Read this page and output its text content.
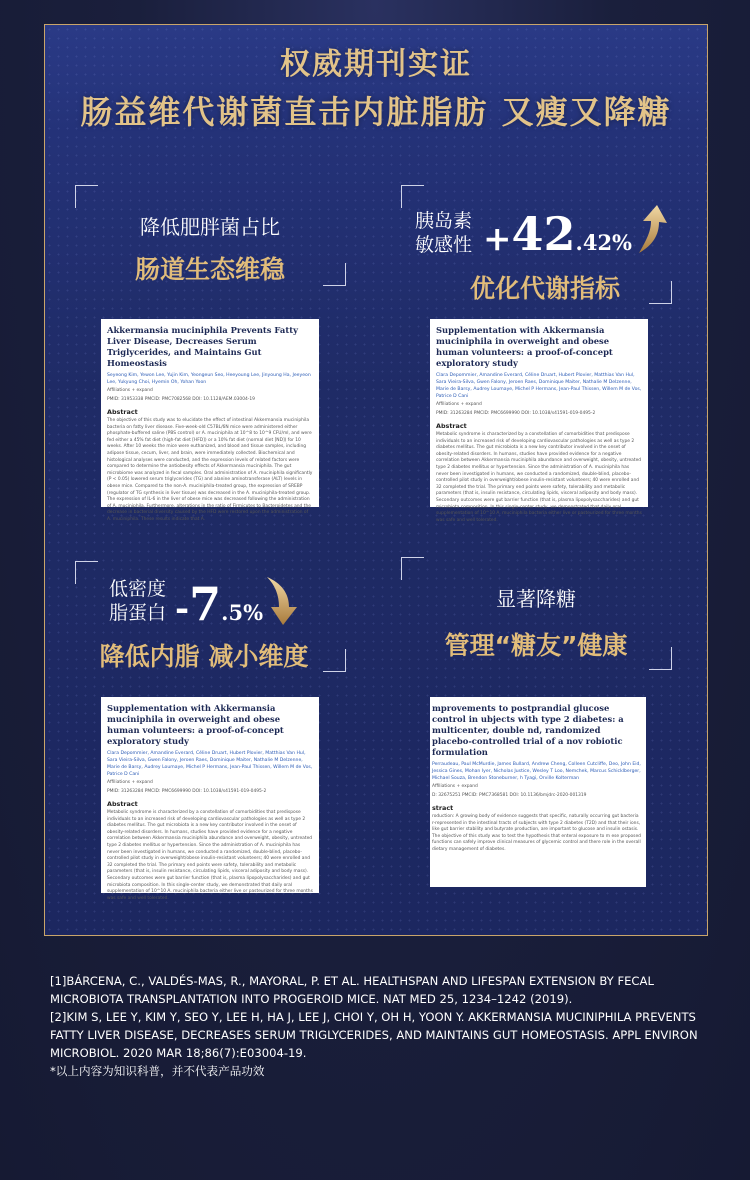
权威期刊实证
肠益维代谢菌直击内脏脂肪 又瘦又降糖
降低肥胖菌占比
肠道生态维稳
胰岛素
敏感性 +42.42%
优化代谢指标
Akkermansia muciniphila Prevents Fatty Liver Disease, Decreases Serum Triglycerides, and Maintains Gut Homeostasis
Seyeong Kim, Yewon Lee, Yujin Kim, Yeongeun Seo, Heeyoung Lee, Jinyoung Ha, Jeeyeon Lee, Yukyung Choi, Hyemin Oh, Yohan Yoon
Affiliations + expand
PMID: 31953338 PMCID: PMC7082568 DOI: 10.1128/AEM.03004-19
Abstract
The objective of this study was to elucidate the effect of intestinal Akkermansia muciniphila bacteria on fatty liver disease. Five-week-old C57BL/6N mice were administered either phosphate-buffered saline (PBS control) or A. muciniphila at 10^8 to 10^9 CFU/ml, and were fed either a 45% fat diet (high-fat diet [HFD]) or a 10% fat diet (normal diet [ND]) for 10 weeks. After 10 weeks the mice were euthanized, and blood and tissue samples, including adipose tissue, cecum, liver, and brain, were immediately collected. Biochemical and histological analyses were conducted, and the expression levels of related factors were compared to determine the antiobesity effects of Akkermansia muciniphila. The gut microbiome was analyzed in fecal samples. Oral administration of A. muciniphila significantly (P < 0.05) lowered serum triglycerides (TG) and alanine aminotransferase (ALT) levels in obese mice. Compared to the non-A. muciniphila-treated group, the expression of SREBP (regulator of TG synthesis in liver tissue) was decreased in the A. muciniphila-treated group. The expression of IL-6 in the liver of obese mice was decreased following the administration of A. muciniphila. Furthermore, alterations in the ratio of Firmicutes to Bacteroidetes and the decrease in bacterial diversity caused by the HFD were restored upon the administration of A. muciniphila. These results indicate that A.
Supplementation with Akkermansia muciniphila in overweight and obese human volunteers: a proof-of-concept exploratory study
Clara Depommier, Amandine Everard, Céline Druart, Hubert Plovier, Matthias Van Hul, Sara Vieira-Silva, Gwen Falony, Jeroen Raes, Dominique Maiter, Nathalie M Delzenne, Marie de Barsy, Audrey Loumaye, Michel P Hermans, Jean-Paul Thissen, Willem M de Vos, Patrice D Cani
Affiliations + expand
PMID: 31263284 PMCID: PMC6699990 DOI: 10.1038/s41591-019-0495-2
Abstract
Metabolic syndrome is characterized by a constellation of comorbidities that predispose individuals to an increased risk of developing cardiovascular pathologies as well as type 2 diabetes mellitus. The gut microbiota is a new key contributor involved in the onset of obesity-related disorders. In humans, studies have provided evidence for a negative correlation between Akkermansia muciniphila abundance and overweight, obesity, untreated type 2 diabetes mellitus or hypertension. Since the administration of A. muciniphila has never been investigated in humans, we conducted a randomized, double-blind, placebo-controlled pilot study in overweight/obese insulin-resistant volunteers; 40 were enrolled and 32 completed the trial. The primary end points were safety, tolerability and metabolic parameters (that is, insulin resistance, circulating lipids, visceral adiposity and body mass). Secondary outcomes were gut barrier function (that is, plasma lipopolysaccharides) and gut microbiota composition. In this single-center study, we demonstrated that daily oral supplementation of 10^10 A. muciniphila bacteria either live or pasteurized for three months was safe and well tolerated.
低密度
脂蛋白 -7.5%
降低内脂 减小维度
显著降糖
管理“糖友”健康
Supplementation with Akkermansia muciniphila in overweight and obese human volunteers: a proof-of-concept exploratory study
Clara Depommier, Amandine Everard, Céline Druart, Hubert Plovier, Matthias Van Hul, Sara Vieira-Silva, Gwen Falony, Jeroen Raes, Dominique Maiter, Nathalie M Delzenne, Marie de Barsy, Audrey Loumaye, Michel P Hermans, Jean-Paul Thissen, Willem M de Vos, Patrice D Cani
Affiliations + expand
PMID: 31263284 PMCID: PMC6699990 DOI: 10.1038/s41591-019-0495-2
Abstract
Metabolic syndrome is characterized by a constellation of comorbidities that predispose individuals to an increased risk of developing cardiovascular pathologies as well as type 2 diabetes mellitus. The gut microbiota is a new key contributor involved in the onset of obesity-related disorders. In humans, studies have provided evidence for a negative correlation between Akkermansia muciniphila abundance and overweight, obesity, untreated type 2 diabetes mellitus or hypertension. Since the administration of A. muciniphila has never been investigated in humans, we conducted a randomized, double-blind, placebo-controlled pilot study in overweight/obese insulin-resistant volunteers; 40 were enrolled and 32 completed the trial. The primary end points were safety, tolerability and metabolic parameters (that is, insulin resistance, circulating lipids, visceral adiposity and body mass). Secondary outcomes were gut barrier function (that is, plasma lipopolysaccharides) and gut microbiota composition. In this single-center study, we demonstrated that daily oral supplementation of 10^10 A. muciniphila bacteria either live or pasteurized for three months was safe and well tolerated.
mprovements to postprandial glucose control in ubjects with type 2 diabetes: a multicenter, double nd, randomized placebo-controlled trial of a nov robiotic formulation
Perraudeau, Paul McMurdie, James Bullard, Andrew Cheng, Colleen Cutcliffe, Deo, John Eid, Jessica Gines, Mohan Iyer, Nicholas Justice, Wesley T Loo, Nemchek, Marcus Schicklberger, Michael Souza, Brendon Stoneburner, h Tyagi, Orville Kolterman
Affiliations + expand
D: 32675251 PMCID: PMC7368581 DOI: 10.1136/bmjdrc-2020-001319
stract
roduction: A growing body of evidence suggests that specific, naturally occurring gut bacteria r-represented in the intestinal tracts of subjects with type 2 diabetes (T2D) and that their ions, like gut barrier stability and butyrate production, are important to glucose and insulin ostasis. The objective of this study was to test the hypothesis that enteral exposure to m ese proposed functions can safely improve clinical measures of glycemic control and there role in the overall dietary management of diabetes.

[1]BÁRCENA, C., VALDÉS-MAS, R., MAYORAL, P. ET AL. HEALTHSPAN AND LIFESPAN EXTENSION BY FECAL MICROBIOTA TRANSPLANTATION INTO PROGEROID MICE. NAT MED 25, 1234–1242 (2019).

[2]KIM S, LEE Y, KIM Y, SEO Y, LEE H, HA J, LEE J, CHOI Y, OH H, YOON Y. AKKERMANSIA MUCINIPHILA PREVENTS FATTY LIVER DISEASE, DECREASES SERUM TRIGLYCERIDES, AND MAINTAINS GUT HOMEOSTASIS. APPL ENVIRON MICROBIOL. 2020 MAR 18;86(7):E03004-19.

*以上内容为知识科普，并不代表产品功效
